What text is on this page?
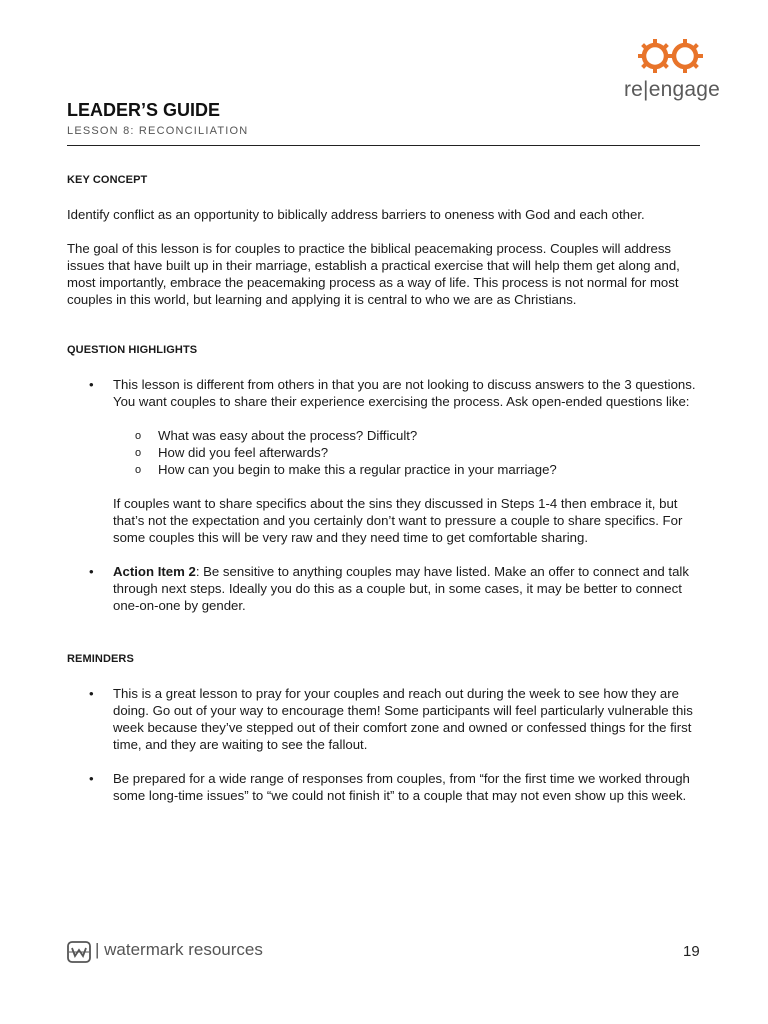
re|engage
LEADER’S GUIDE
LESSON 8: RECONCILIATION

KEY CONCEPT

Identify conflict as an opportunity to biblically address barriers to oneness with God and each other.

The goal of this lesson is for couples to practice the biblical peacemaking process. Couples will address issues that have built up in their marriage, establish a practical exercise that will help them get along and, most importantly, embrace the peacemaking process as a way of life. This process is not normal for most couples in this world, but learning and applying it is central to who we are as Christians.

QUESTION HIGHLIGHTS

• This lesson is different from others in that you are not looking to discuss answers to the 3 questions. You want couples to share their experience exercising the process. Ask open-ended questions like:

o What was easy about the process? Difficult?
o How did you feel afterwards?
o How can you begin to make this a regular practice in your marriage?

If couples want to share specifics about the sins they discussed in Steps 1-4 then embrace it, but that’s not the expectation and you certainly don’t want to pressure a couple to share specifics. For some couples this will be very raw and they need time to get comfortable sharing.

• Action Item 2: Be sensitive to anything couples may have listed. Make an offer to connect and talk through next steps. Ideally you do this as a couple but, in some cases, it may be better to connect one-on-one by gender.

REMINDERS

• This is a great lesson to pray for your couples and reach out during the week to see how they are doing. Go out of your way to encourage them! Some participants will feel particularly vulnerable this week because they’ve stepped out of their comfort zone and owned or confessed things for the first time, and they are waiting to see the fallout.

• Be prepared for a wide range of responses from couples, from “for the first time we worked through some long-time issues” to “we could not finish it” to a couple that may not even show up this week.

| watermark resources	19
